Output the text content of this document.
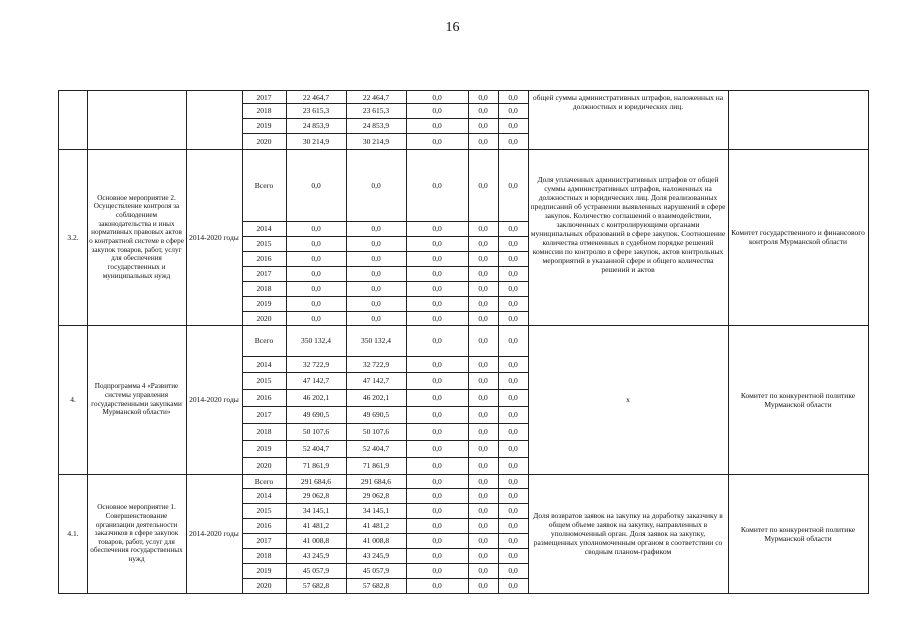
16
2017	22 464,7	22 464,7	0,0	0,0	0,0
2018	23 615,3	23 615,3	0,0	0,0	0,0
2019	24 853,9	24 853,9	0,0	0,0	0,0
2020	30 214,9	30 214,9	0,0	0,0	0,0
общей суммы административных штрафов, наложенных на должностных и юридических лиц.
3.2.
Основное мероприятие 2. Осуществление контроля за соблюдением законодательства и иных нормативных правовых актов о контрактной системе в сфере закупок товаров, работ, услуг для обеспечения государственных и муниципальных нужд
2014-2020 годы
Всего	0,0	0,0	0,0	0,0	0,0
2014	0,0	0,0	0,0	0,0	0,0
2015	0,0	0,0	0,0	0,0	0,0
2016	0,0	0,0	0,0	0,0	0,0
2017	0,0	0,0	0,0	0,0	0,0
2018	0,0	0,0	0,0	0,0	0,0
2019	0,0	0,0	0,0	0,0	0,0
2020	0,0	0,0	0,0	0,0	0,0
Доля уплаченных административных штрафов от общей суммы административных штрафов, наложенных на должностных и юридических лиц. Доля реализованных предписаний об устранении выявленных нарушений в сфере закупок. Количество соглашений о взаимодействии, заключенных с контролирующими органами муниципальных образований в сфере закупок. Соотношение количества отмененных в судебном порядке решений комиссии по контролю в сфере закупок, актов контрольных мероприятий в указанной сфере и общего количества решений и актов
Комитет государственного и финансового контроля Мурманской области
4.
Подпрограмма 4 «Развитие системы управления государственными закупками Мурманской области»
2014-2020 годы
Всего	350 132,4	350 132,4	0,0	0,0	0,0
2014	32 722,9	32 722,9	0,0	0,0	0,0
2015	47 142,7	47 142,7	0,0	0,0	0,0
2016	46 202,1	46 202,1	0,0	0,0	0,0
2017	49 690,5	49 690,5	0,0	0,0	0,0
2018	50 107,6	50 107,6	0,0	0,0	0,0
2019	52 404,7	52 404,7	0,0	0,0	0,0
2020	71 861,9	71 861,9	0,0	0,0	0,0
х	Комитет по конкурентной политике Мурманской области
4.1.
Основное мероприятие 1. Совершенствование организации деятельности заказчиков в сфере закупок товаров, работ, услуг для обеспечения государственных нужд
2014-2020 годы
Всего	291 684,6	291 684,6	0,0	0,0	0,0
2014	29 062,8	29 062,8	0,0	0,0	0,0
2015	34 145,1	34 145,1	0,0	0,0	0,0
2016	41 481,2	41 481,2	0,0	0,0	0,0
2017	41 008,8	41 008,8	0,0	0,0	0,0
2018	43 245,9	43 245,9	0,0	0,0	0,0
2019	45 057,9	45 057,9	0,0	0,0	0,0
2020	57 682,8	57 682,8	0,0	0,0	0,0
Доля возвратов заявок на закупку на доработку заказчику в общем объеме заявок на закупку, направленных в уполномоченный орган. Доля заявок на закупку, размещенных уполномоченным органом в соответствии со сводным планом-графиком
Комитет по конкурентной политике Мурманской области
